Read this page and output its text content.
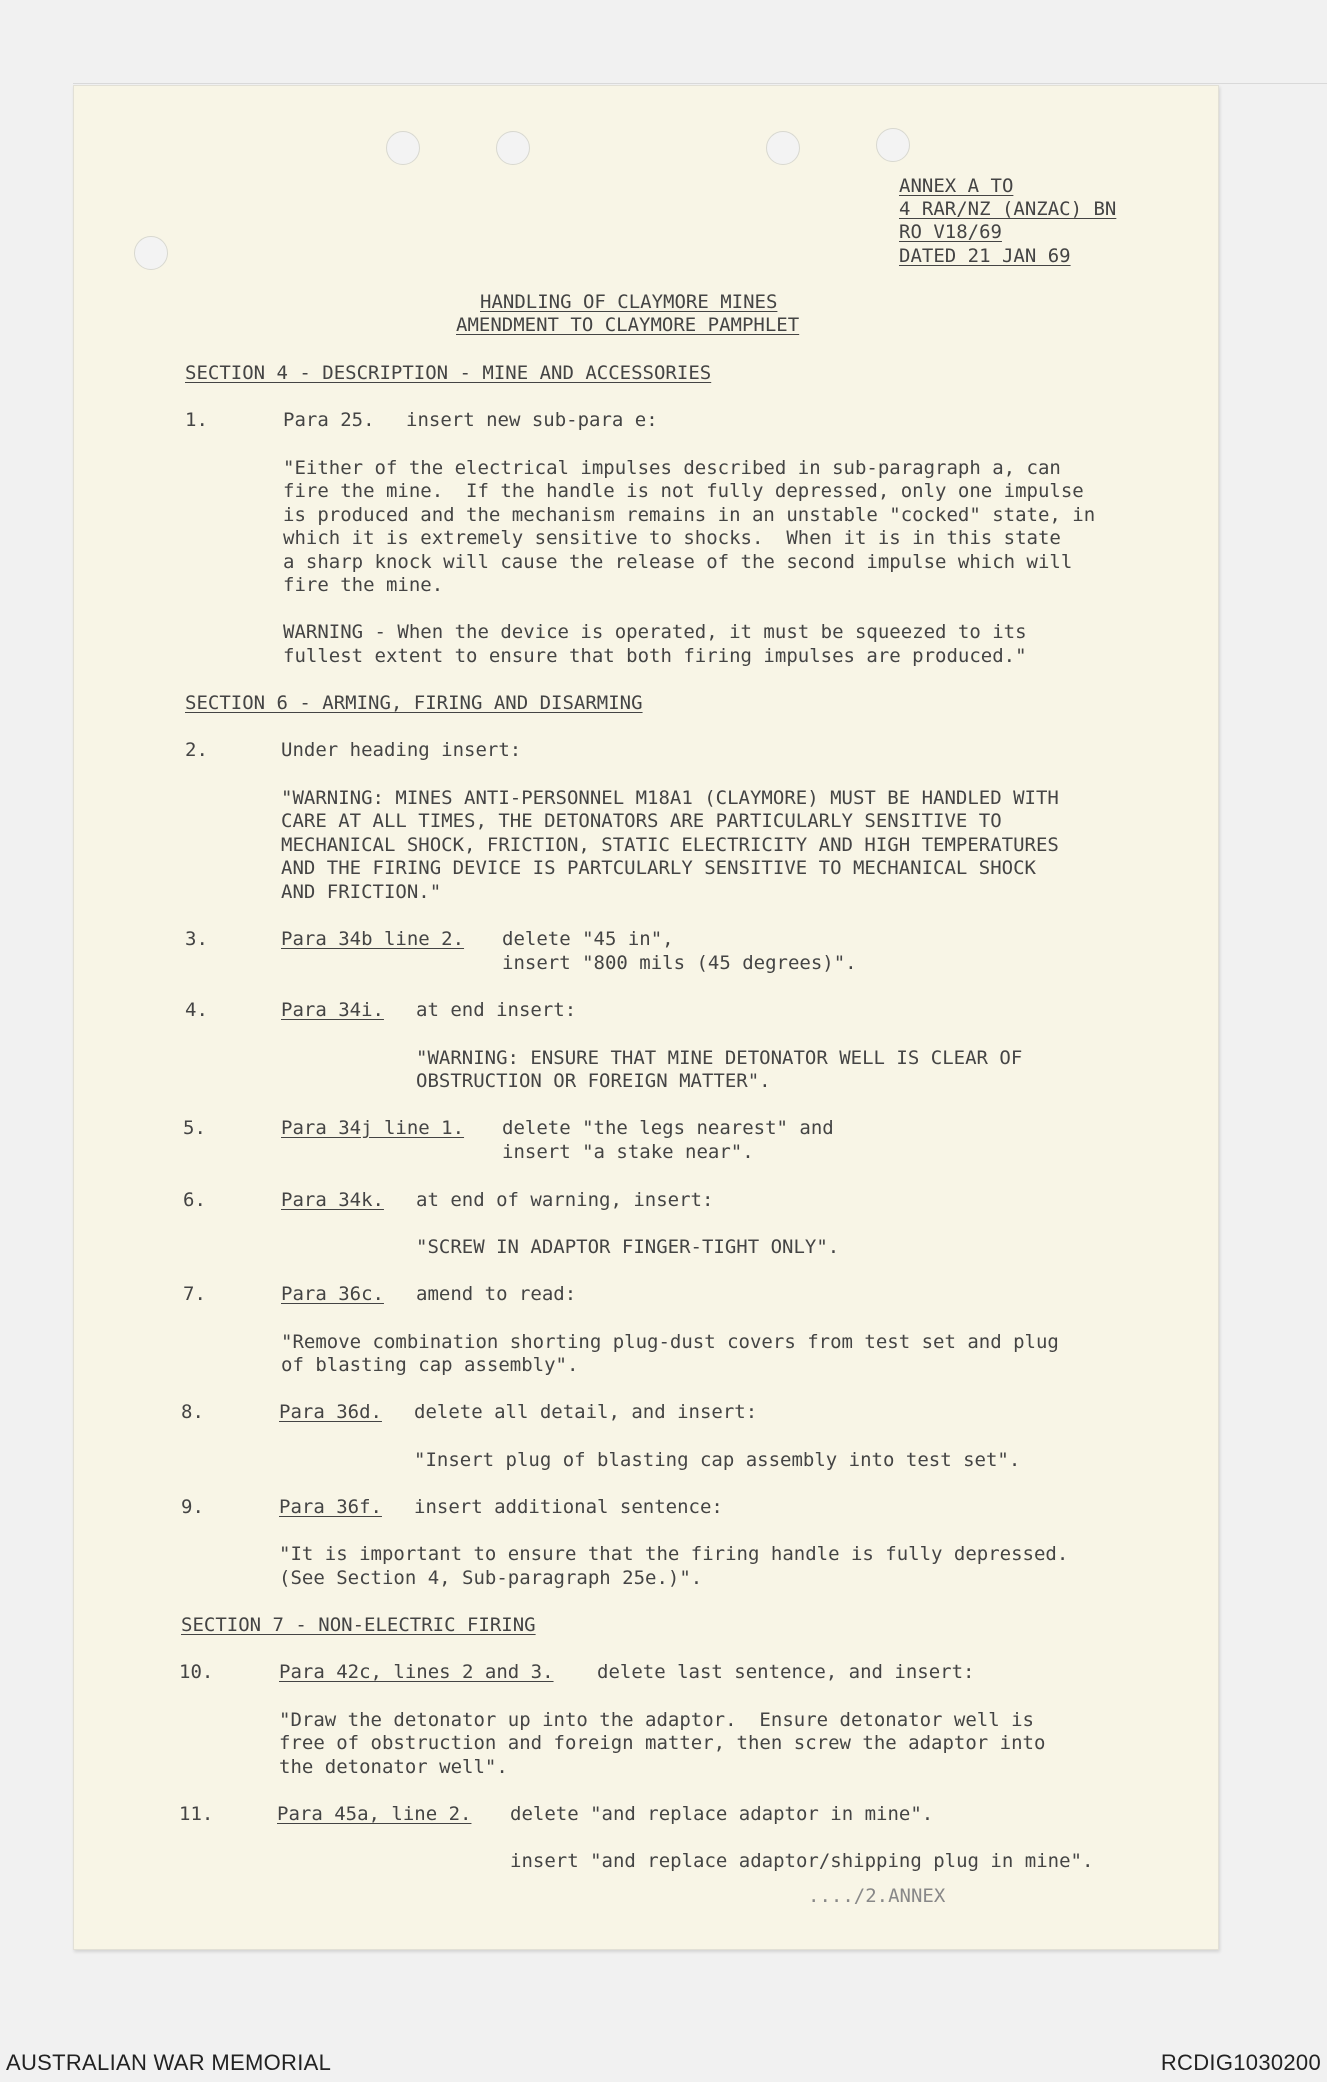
ANNEX A TO
4 RAR/NZ (ANZAC) BN
RO V18/69
DATED 21 JAN 69
HANDLING OF CLAYMORE MINES
AMENDMENT TO CLAYMORE PAMPHLET
SECTION 4 - DESCRIPTION - MINE AND ACCESSORIES
1.	Para 25. insert new sub-para e:
"Either of the electrical impulses described in sub-paragraph a, can
fire the mine.  If the handle is not fully depressed, only one impulse
is produced and the mechanism remains in an unstable "cocked" state, in
which it is extremely sensitive to shocks.  When it is in this state
a sharp knock will cause the release of the second impulse which will
fire the mine.
WARNING - When the device is operated, it must be squeezed to its
fullest extent to ensure that both firing impulses are produced."
SECTION 6 - ARMING, FIRING AND DISARMING
2.	Under heading insert:
"WARNING: MINES ANTI-PERSONNEL M18A1 (CLAYMORE) MUST BE HANDLED WITH
CARE AT ALL TIMES, THE DETONATORS ARE PARTICULARLY SENSITIVE TO
MECHANICAL SHOCK, FRICTION, STATIC ELECTRICITY AND HIGH TEMPERATURES
AND THE FIRING DEVICE IS PARTCULARLY SENSITIVE TO MECHANICAL SHOCK
AND FRICTION."
3.	Para 34b line 2. delete "45 in",
insert "800 mils (45 degrees)".
4.	Para 34i. at end insert:
"WARNING: ENSURE THAT MINE DETONATOR WELL IS CLEAR OF
OBSTRUCTION OR FOREIGN MATTER".
5.	Para 34j line 1. delete "the legs nearest" and
insert "a stake near".
6.	Para 34k. at end of warning, insert:
"SCREW IN ADAPTOR FINGER-TIGHT ONLY".
7.	Para 36c. amend to read:
"Remove combination shorting plug-dust covers from test set and plug
of blasting cap assembly".
8.	Para 36d. delete all detail, and insert:
"Insert plug of blasting cap assembly into test set".
9.	Para 36f. insert additional sentence:
"It is important to ensure that the firing handle is fully depressed.
(See Section 4, Sub-paragraph 25e.)".
SECTION 7 - NON-ELECTRIC FIRING
10.	Para 42c, lines 2 and 3. delete last sentence, and insert:
"Draw the detonator up into the adaptor.  Ensure detonator well is
free of obstruction and foreign matter, then screw the adaptor into
the detonator well".
11.	Para 45a, line 2. delete "and replace adaptor in mine".
insert "and replace adaptor/shipping plug in mine".
..../2.ANNEX
AUSTRALIAN WAR MEMORIAL	RCDIG1030200
